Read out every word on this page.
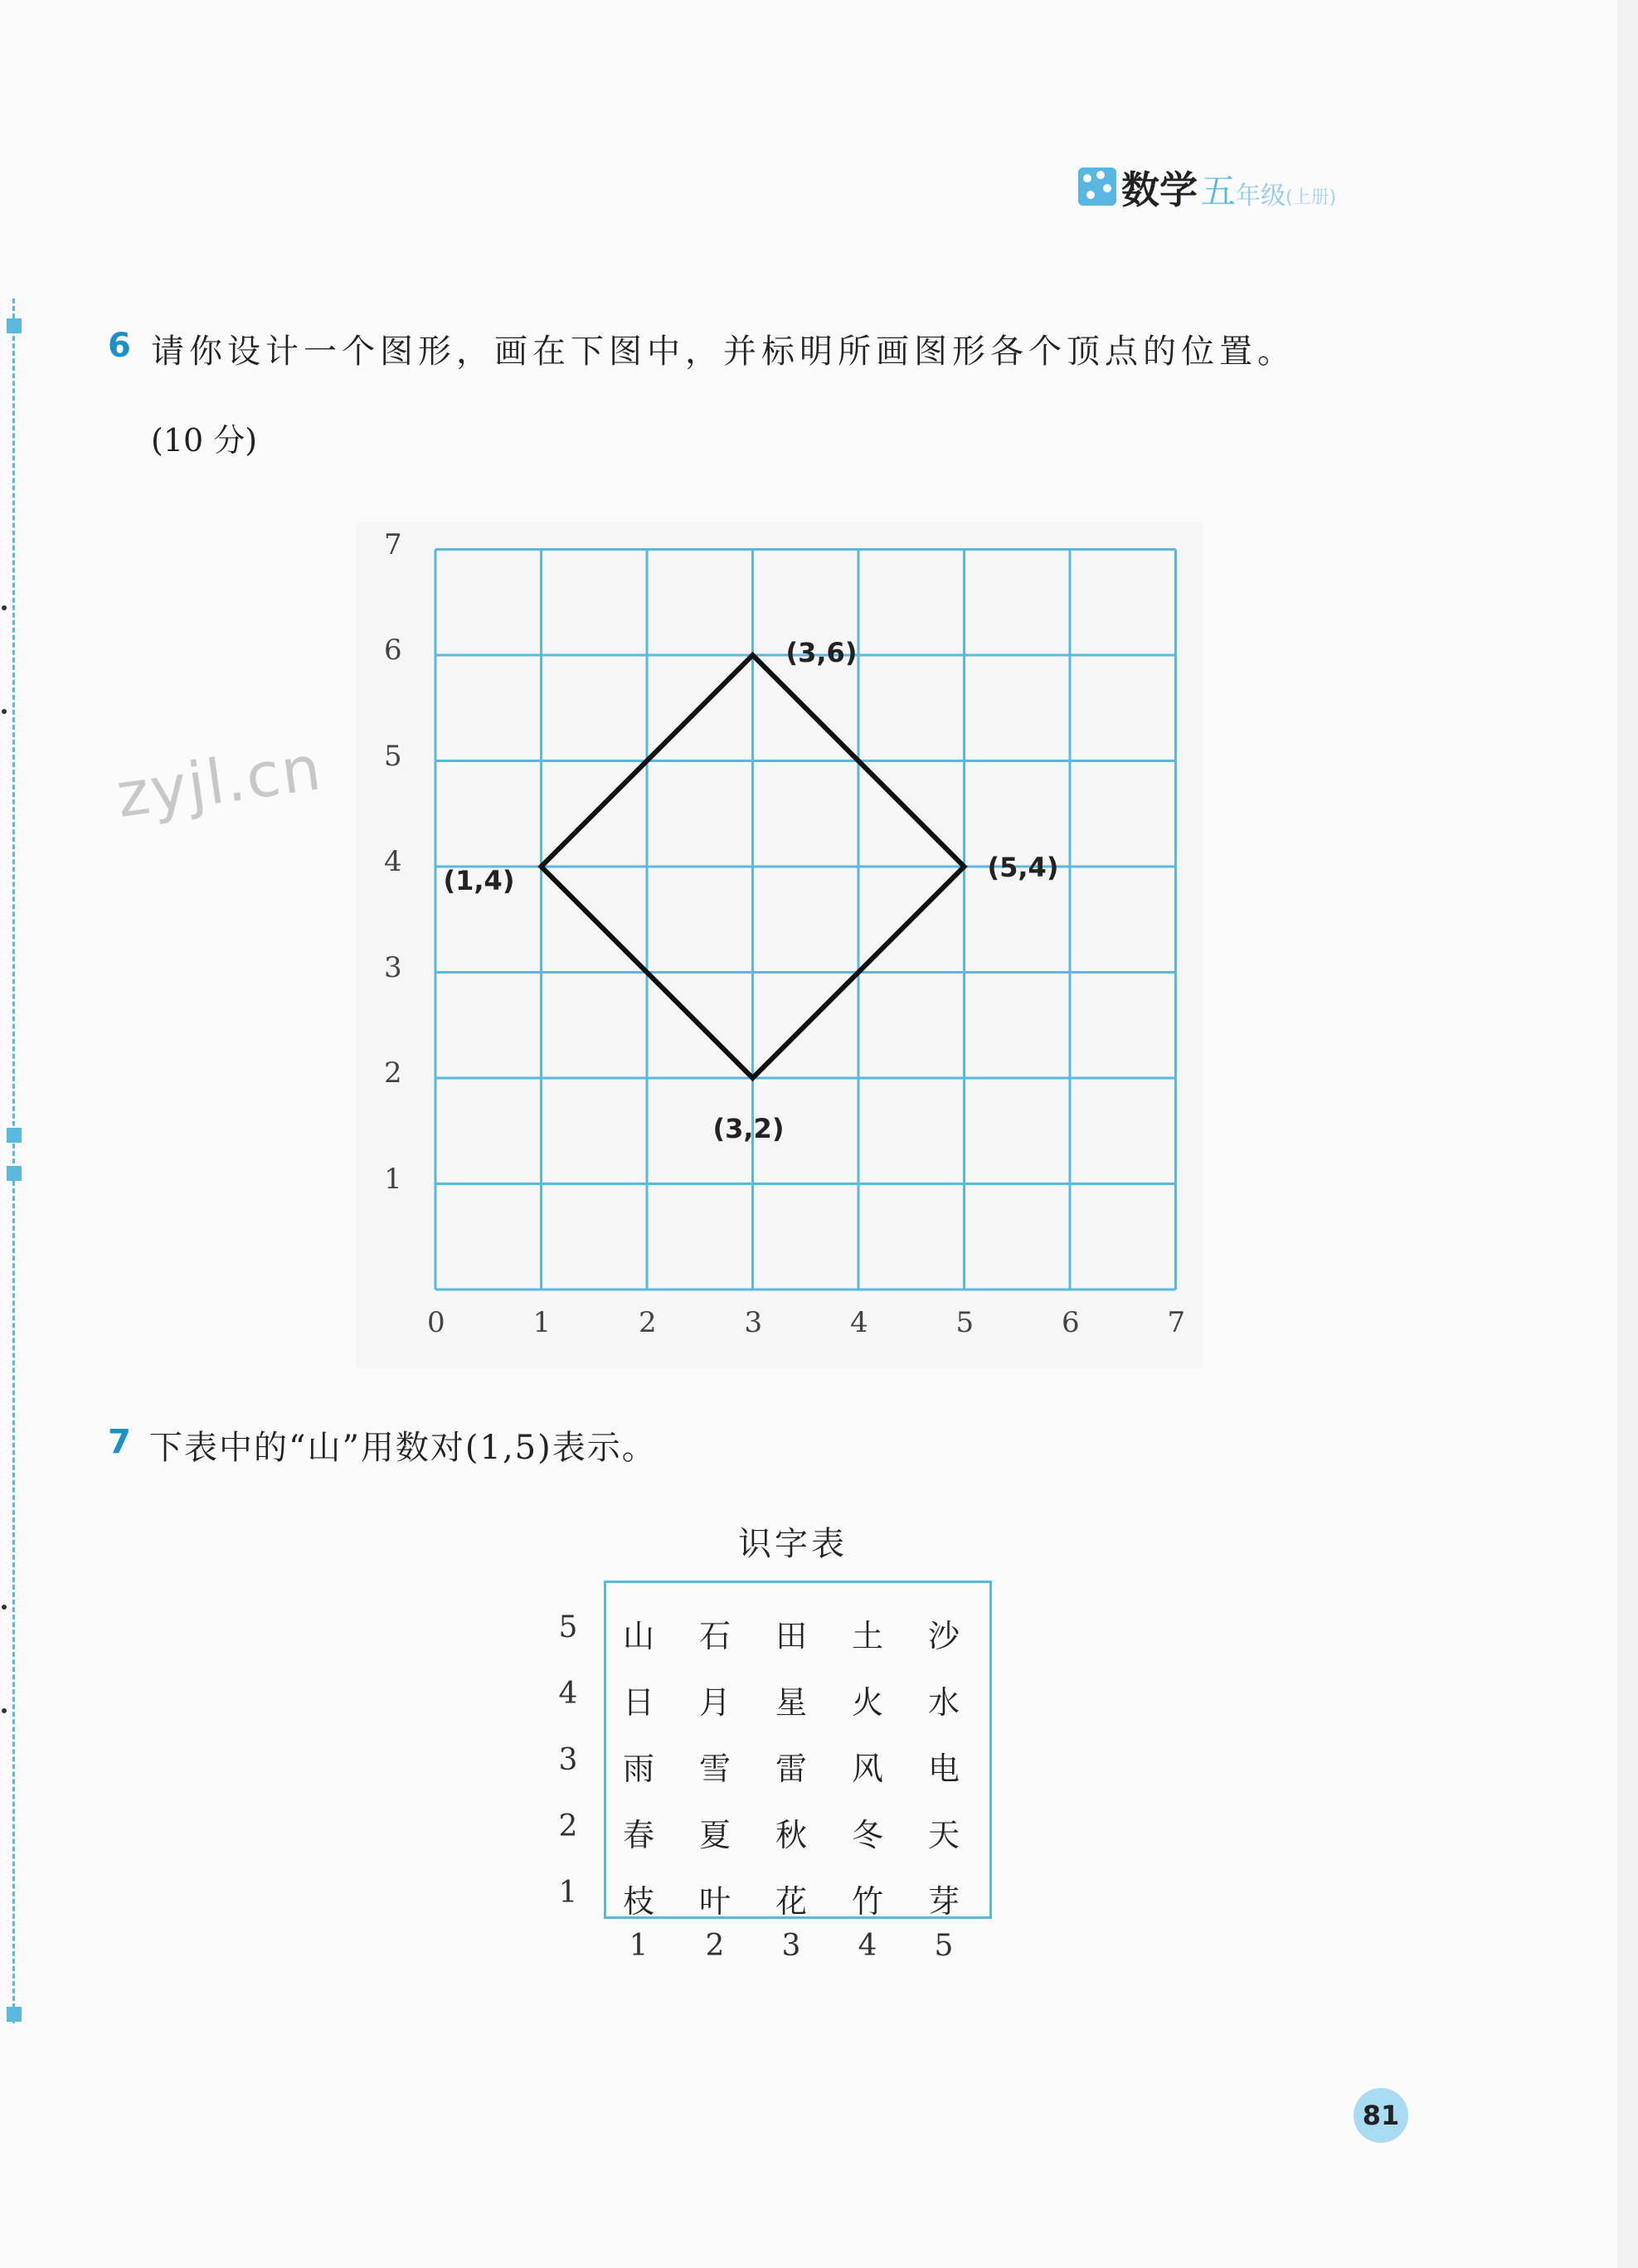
数学 五 年级 (上册)
zyjl.cn
6 请你设计一个图形，画在下图中，并标明所画图形各个顶点的位置。
(10 分)
0	1	2	3	4	5	6	7
1
2
3
4
5
6
7
(3,6)
(5,4)
(3,2)
(1,4)
7 下表中的“山”用数对(1,5)表示。
识字表
81
5 山 石 田 土 沙
4 日 月 星 火 水
3 雨 雪 雷 风 电
2 春 夏 秋 冬 天
1 枝 叶 花 竹 芽
1 2 3 4 5
